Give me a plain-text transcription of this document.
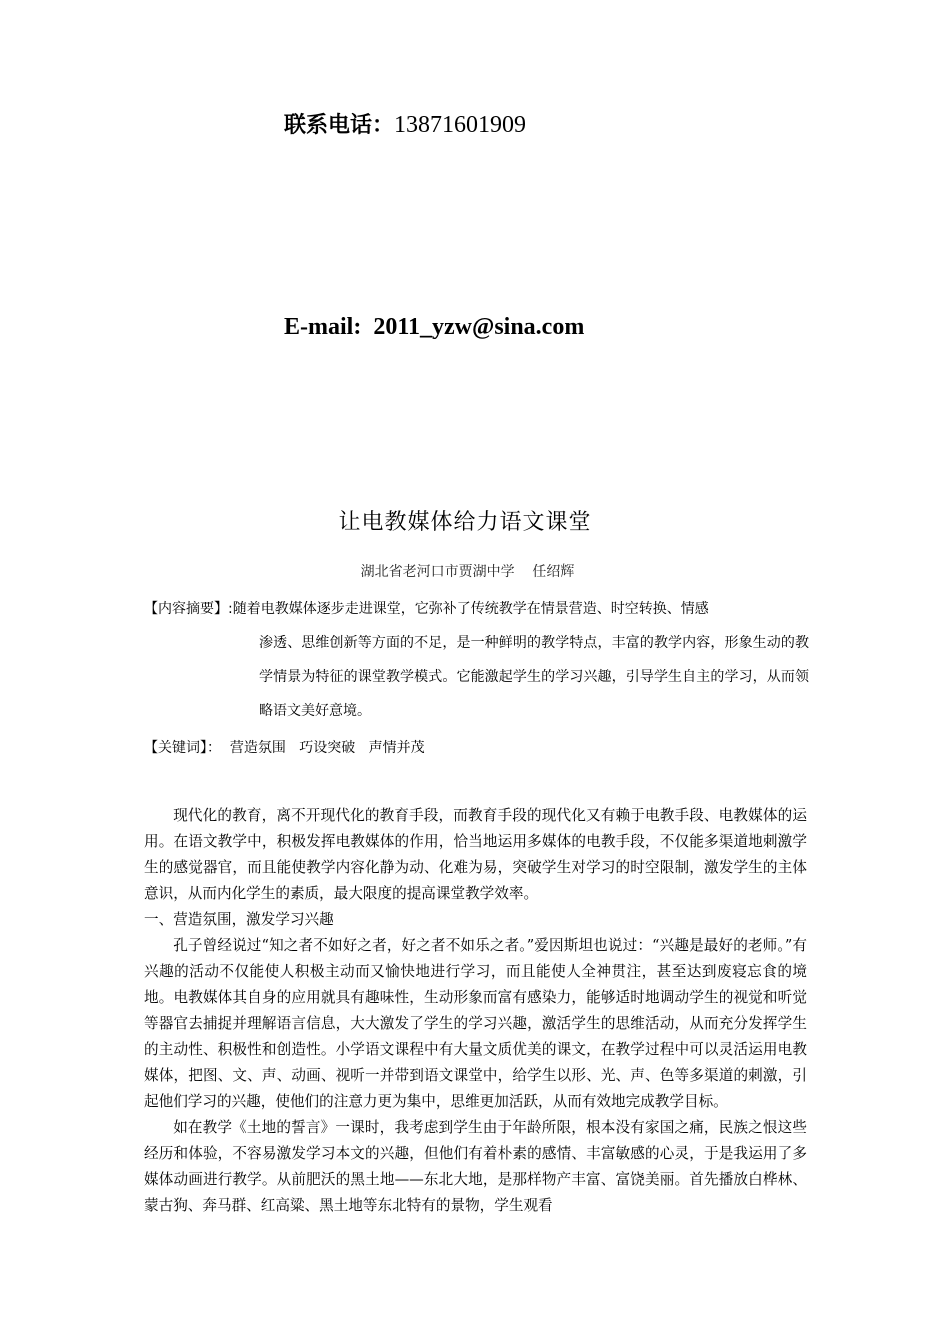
联系电话：13871601909
E-mail: 2011_yzw@sina.com
让电教媒体给力语文课堂
湖北省老河口市贾湖中学    任绍辉
【内容摘要】:随着电教媒体逐步走进课堂，它弥补了传统教学在情景营造、时空转换、情感
渗透、思维创新等方面的不足，是一种鲜明的教学特点，丰富的教学内容，形象生动的教学情景为特征的课堂教学模式。它能激起学生的学习兴趣，引导学生自主的学习，从而领略语文美好意境。
【关键词】：  营造氛围   巧设突破   声情并茂

现代化的教育，离不开现代化的教育手段，而教育手段的现代化又有赖于电教手段、电教媒体的运用。在语文教学中，积极发挥电教媒体的作用，恰当地运用多媒体的电教手段，不仅能多渠道地刺激学生的感觉器官，而且能使教学内容化静为动、化难为易，突破学生对学习的时空限制，激发学生的主体意识，从而内化学生的素质，最大限度的提高课堂教学效率。

一、营造氛围，激发学习兴趣

孔子曾经说过“知之者不如好之者，好之者不如乐之者。”爱因斯坦也说过：“兴趣是最好的老师。”有兴趣的活动不仅能使人积极主动而又愉快地进行学习，而且能使人全神贯注，甚至达到废寝忘食的境地。电教媒体其自身的应用就具有趣味性，生动形象而富有感染力，能够适时地调动学生的视觉和听觉等器官去捕捉并理解语言信息，大大激发了学生的学习兴趣，激活学生的思维活动，从而充分发挥学生的主动性、积极性和创造性。小学语文课程中有大量文质优美的课文，在教学过程中可以灵活运用电教媒体，把图、文、声、动画、视听一并带到语文课堂中，给学生以形、光、声、色等多渠道的刺激，引起他们学习的兴趣，使他们的注意力更为集中，思维更加活跃，从而有效地完成教学目标。

如在教学《土地的誓言》一课时，我考虑到学生由于年龄所限，根本没有家国之痛，民族之恨这些经历和体验，不容易激发学习本文的兴趣，但他们有着朴素的感情、丰富敏感的心灵，于是我运用了多媒体动画进行教学。从前肥沃的黑土地——东北大地，是那样物产丰富、富饶美丽。首先播放白桦林、蒙古狗、奔马群、红高粱、黑土地等东北特有的景物，学生观看
